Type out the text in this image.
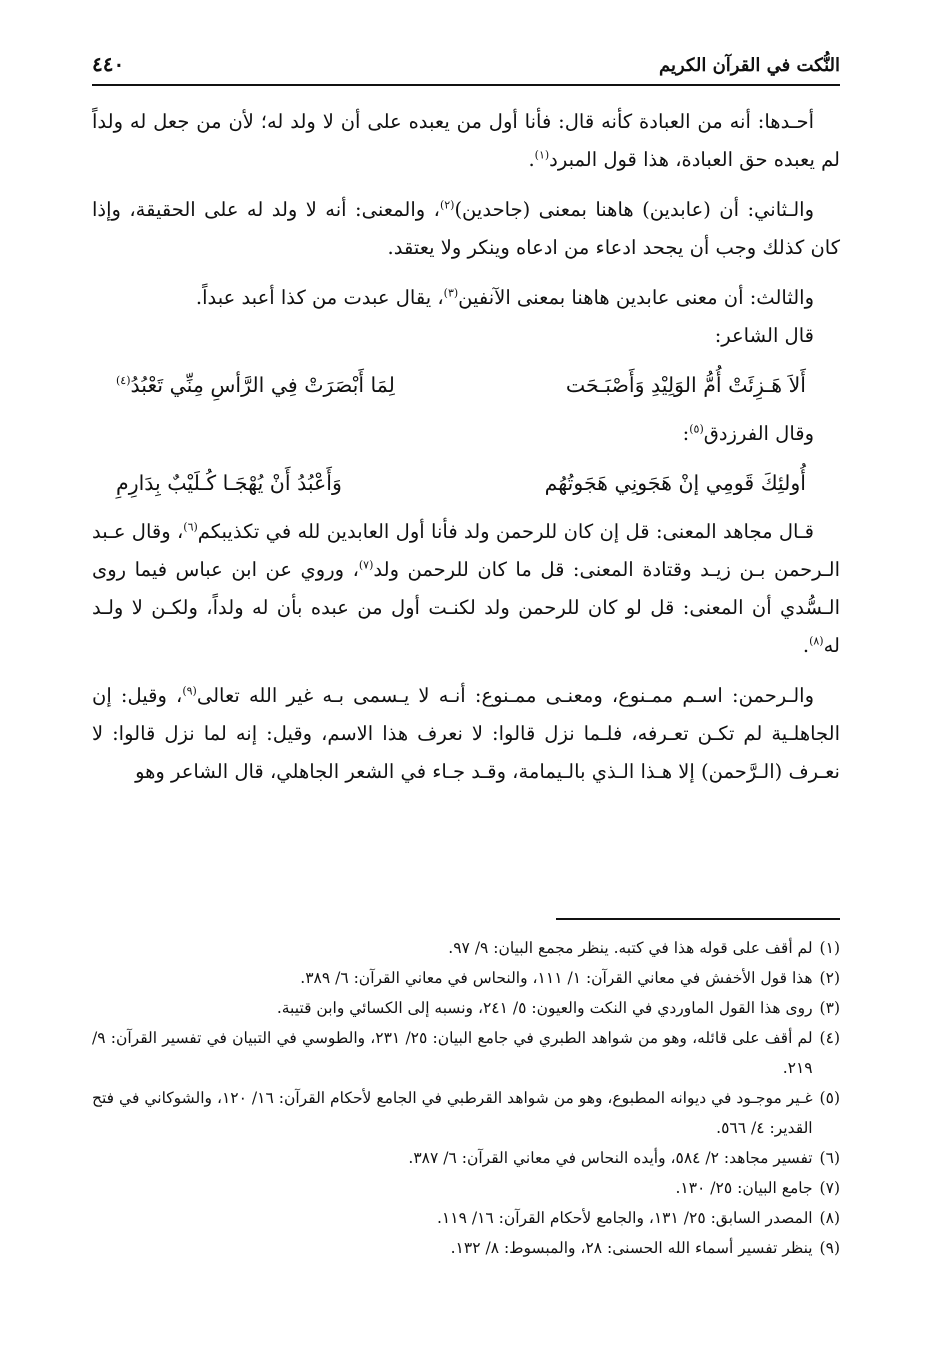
النُّكت في القرآن الكريم
٤٤٠

أحـدها: أنه من العبادة كأنه قال: فأنا أول من يعبده على أن لا ولد له؛ لأن من جعل له ولداً لم يعبده حق العبادة، هذا قول المبرد$^{(١)}$.

والـثاني: أن (عابدين) هاهنا بمعنى (جاحدين)$^{(٢)}$، والمعنى: أنه لا ولد له على الحقيقة، وإذا كان كذلك وجب أن يجحد ادعاء من ادعاه وينكر ولا يعتقد.

والثالث: أن معنى عابدين هاهنا بمعنى الآنفين$^{(٣)}$، يقال عبدت من كذا أعبد عبداً.

قال الشاعر:

أَلاَ هَـزِئَتْ أُمُّ الوَلِيْدِ وَأَصْبَـحَت
لِمَا أَبْصَرَتْ فِي الرَّأسِ مِنِّي تَعْبُدُ$^{(٤)}$

وقال الفرزدق$^{(٥)}$:

أُولئِكَ قَومِي إنْ هَجَونِي هَجَوتُهُم
وَأَعْبُدُ أَنْ يُهْجَـا كُـلَيْبٌ بِدَارِمِ

قـال مجاهد المعنى: قل إن كان للرحمن ولد فأنا أول العابدين لله في تكذيبكم$^{(٦)}$، وقال عـبد الـرحمن بـن زيـد وقتادة المعنى: قل ما كان للرحمن ولد$^{(٧)}$، وروي عن ابن عباس فيما روى الـسُّدي أن المعنى: قل لو كان للرحمن ولد لكنـت أول من عبده بأن له ولداً، ولكـن لا ولـد له$^{(٨)}$.

والـرحمن: اسـم ممـنوع، ومعنـى ممـنوع: أنـه لا يـسمى بـه غير الله تعالى$^{(٩)}$، وقيل: إن الجاهلـية لم تكـن تعـرفه، فلـما نزل قالوا: لا نعرف هذا الاسم، وقيل: إنه لما نزل قالوا: لا نعـرف (الـرَّحمن) إلا هـذا الـذي بالـيمامة، وقـد جـاء في الشعر الجاهلي، قال الشاعر وهو

(١)

لم أقف على قوله هذا في كتبه. ينظر مجمع البيان: ٩/ ٩٧.
(٢)

هذا قول الأخفش في معاني القرآن: ١/ ١١١، والنحاس في معاني القرآن: ٦/ ٣٨٩.
(٣)

روى هذا القول الماوردي في النكت والعيون: ٥/ ٢٤١، ونسبه إلى الكسائي وابن قتيبة.
(٤)

لم أقف على قائله، وهو من شواهد الطبري في جامع البيان: ٢٥/ ٢٣١، والطوسي في التبيان في تفسير القرآن: ٩/ ٢١٩.
(٥)

غـير موجـود في ديوانه المطبوع، وهو من شواهد القرطبي في الجامع لأحكام القرآن: ١٦/ ١٢٠، والشوكاني في فتح القدير: ٤/ ٥٦٦.
(٦)

تفسير مجاهد: ٢/ ٥٨٤، وأيده النحاس في معاني القرآن: ٦/ ٣٨٧.
(٧)

جامع البيان: ٢٥/ ١٣٠.
(٨)

المصدر السابق: ٢٥/ ١٣١، والجامع لأحكام القرآن: ١٦/ ١١٩.
(٩)

ينظر تفسير أسماء الله الحسنى: ٢٨، والمبسوط: ٨/ ١٣٢.
